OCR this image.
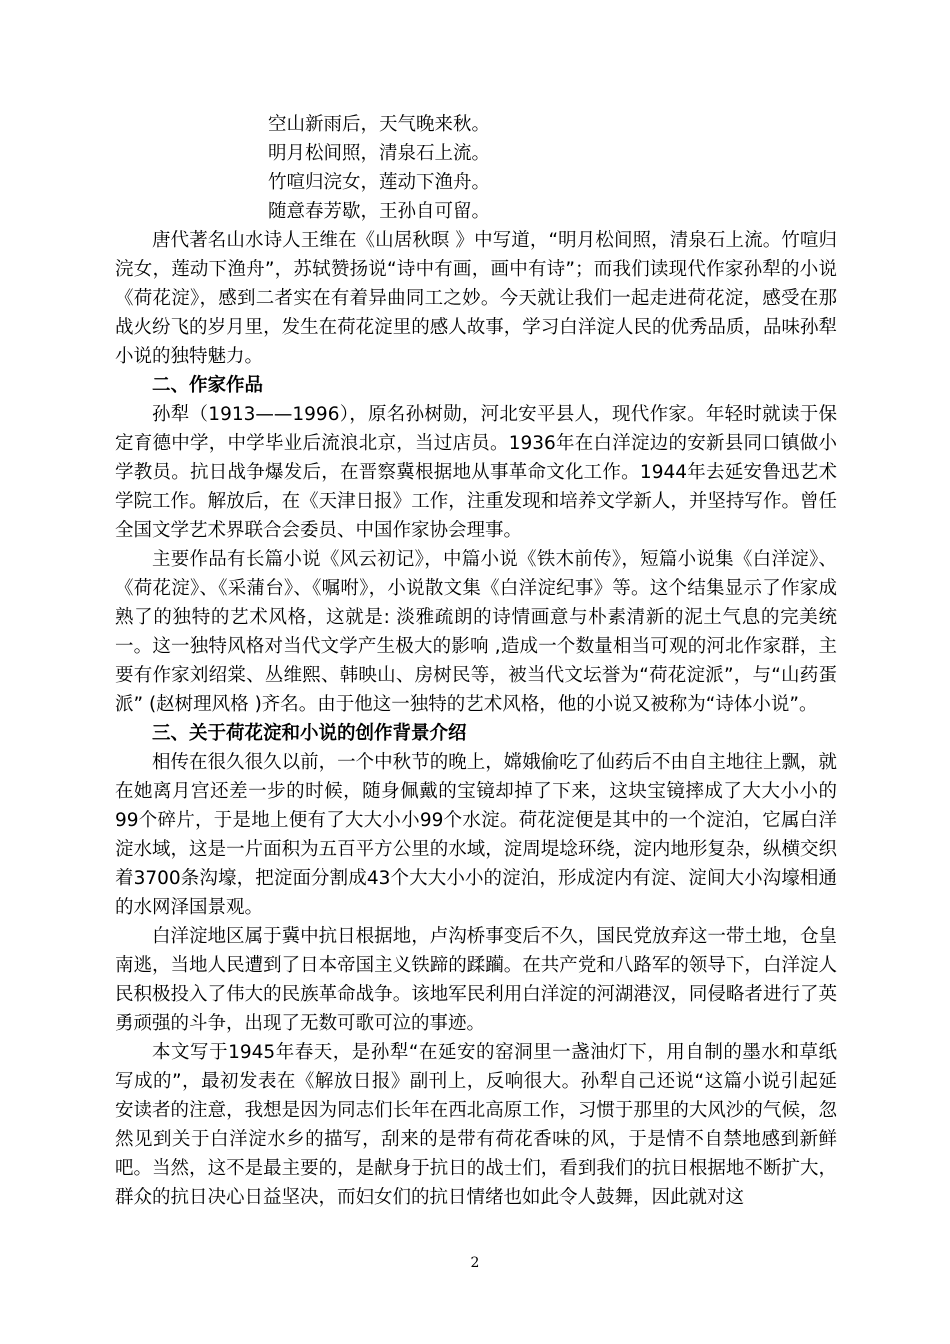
空山新雨后，天气晚来秋。
明月松间照，清泉石上流。
竹喧归浣女，莲动下渔舟。
随意春芳歇，王孙自可留。

唐代著名山水诗人王维在《山居秋暝 》中写道，“明月松间照，清泉石上流。竹喧归浣女，莲动下渔舟”，苏轼赞扬说“诗中有画，画中有诗”；而我们读现代作家孙犁的小说《荷花淀》，感到二者实在有着异曲同工之妙。今天就让我们一起走进荷花淀，感受在那战火纷飞的岁月里，发生在荷花淀里的感人故事，学习白洋淀人民的优秀品质，品味孙犁小说的独特魅力。

二、作家作品

孙犁（1913——1996），原名孙树勋，河北安平县人，现代作家。年轻时就读于保定育德中学，中学毕业后流浪北京，当过店员。1936年在白洋淀边的安新县同口镇做小学教员。抗日战争爆发后，在晋察冀根据地从事革命文化工作。1944年去延安鲁迅艺术学院工作。解放后，在《天津日报》工作，注重发现和培养文学新人，并坚持写作。曾任全国文学艺术界联合会委员、中国作家协会理事。

主要作品有长篇小说《风云初记》，中篇小说《铁木前传》，短篇小说集《白洋淀》、《荷花淀》、《采蒲台》、《嘱咐》，小说散文集《白洋淀纪事》等。这个结集显示了作家成熟了的独特的艺术风格，这就是: 淡雅疏朗的诗情画意与朴素清新的泥土气息的完美统一。这一独特风格对当代文学产生极大的影响 ,造成一个数量相当可观的河北作家群，主要有作家刘绍棠、丛维熙、韩映山、房树民等，被当代文坛誉为“荷花淀派”，与“山药蛋派” (赵树理风格 )齐名。由于他这一独特的艺术风格，他的小说又被称为“诗体小说”。

三、关于荷花淀和小说的创作背景介绍

相传在很久很久以前，一个中秋节的晚上，嫦娥偷吃了仙药后不由自主地往上飘，就在她离月宫还差一步的时候，随身佩戴的宝镜却掉了下来，这块宝镜摔成了大大小小的99个碎片，于是地上便有了大大小小99个水淀。荷花淀便是其中的一个淀泊，它属白洋淀水域，这是一片面积为五百平方公里的水域，淀周堤埝环绕，淀内地形复杂，纵横交织着3700条沟壕，把淀面分割成43个大大小小的淀泊，形成淀内有淀、淀间大小沟壕相通的水网泽国景观。

白洋淀地区属于冀中抗日根据地，卢沟桥事变后不久，国民党放弃这一带土地，仓皇南逃，当地人民遭到了日本帝国主义铁蹄的蹂躏。在共产党和八路军的领导下，白洋淀人民积极投入了伟大的民族革命战争。该地军民利用白洋淀的河湖港汊，同侵略者进行了英勇顽强的斗争，出现了无数可歌可泣的事迹。

本文写于1945年春天，是孙犁“在延安的窑洞里一盏油灯下，用自制的墨水和草纸写成的”，最初发表在《解放日报》副刊上，反响很大。孙犁自己还说“这篇小说引起延安读者的注意，我想是因为同志们长年在西北高原工作，习惯于那里的大风沙的气候，忽然见到关于白洋淀水乡的描写，刮来的是带有荷花香味的风，于是情不自禁地感到新鲜吧。当然，这不是最主要的，是献身于抗日的战士们，看到我们的抗日根据地不断扩大，群众的抗日决心日益坚决，而妇女们的抗日情绪也如此令人鼓舞，因此就对这

2
